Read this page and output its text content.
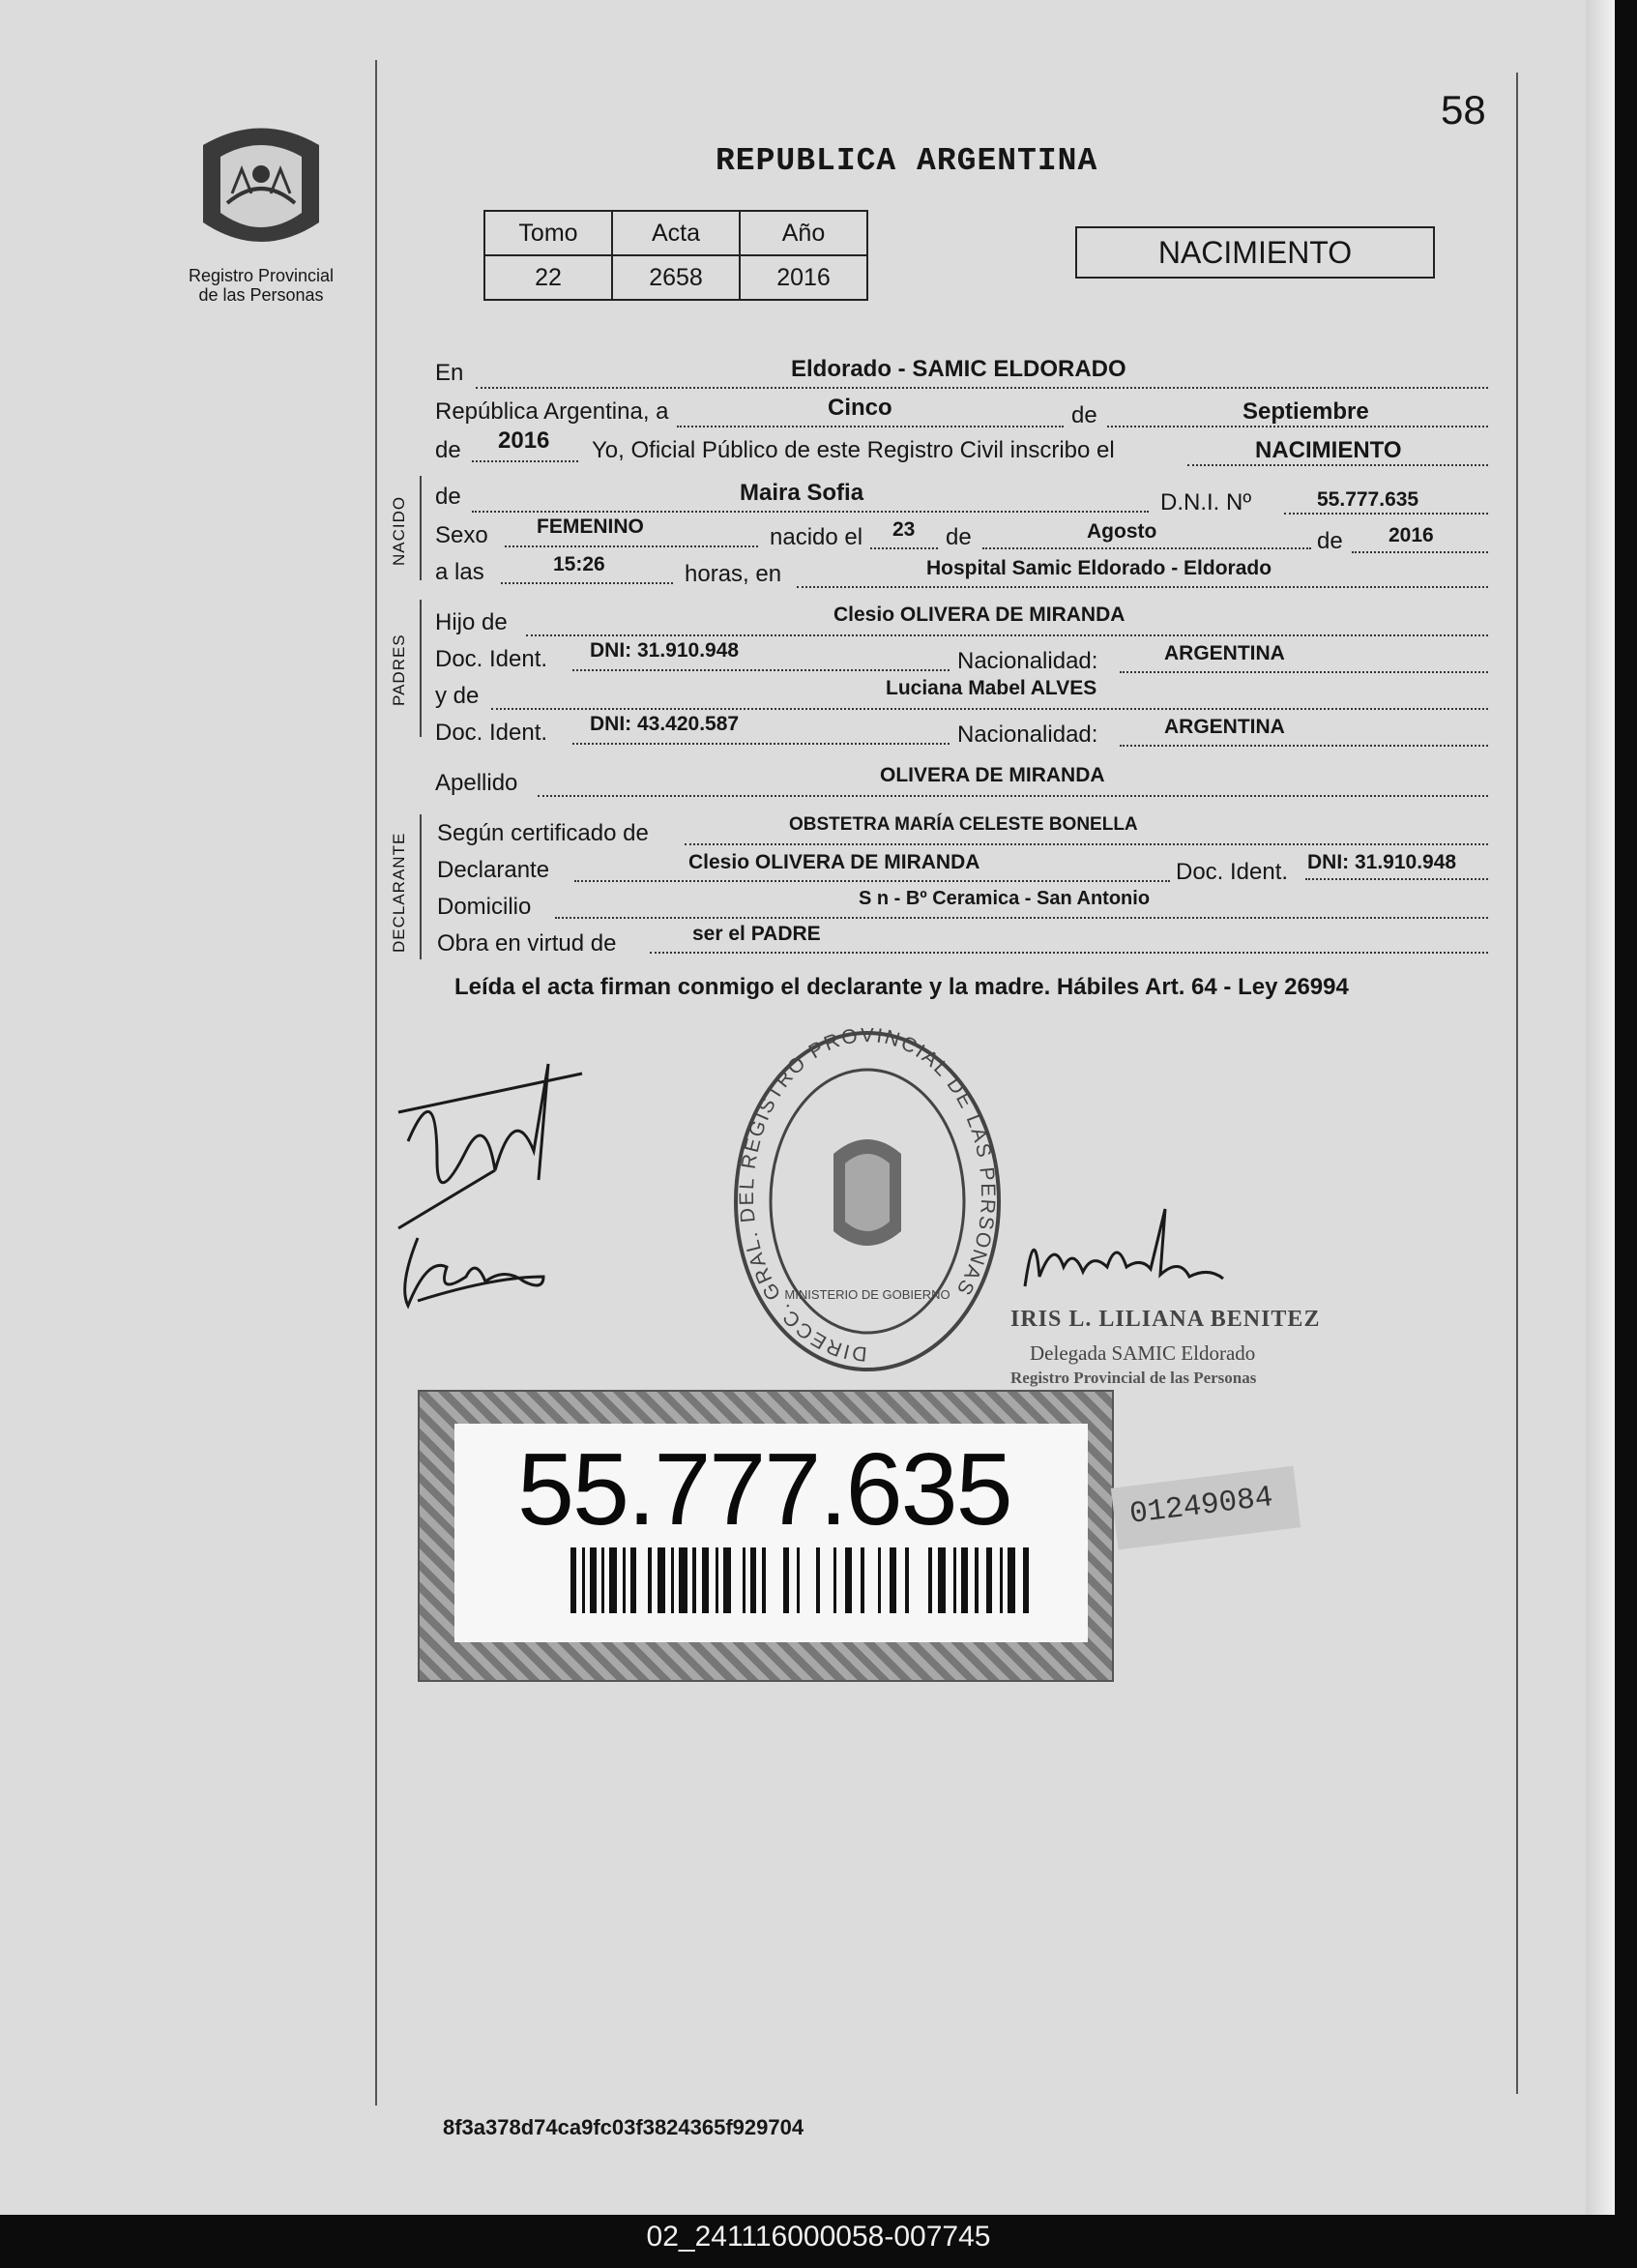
58
Registro Provincial
de las Personas
REPUBLICA ARGENTINA
Tomo	Acta	Año
22	2658	2016
NACIMIENTO
En	Eldorado - SAMIC ELDORADO
República Argentina, a	Cinco	de	Septiembre
de 2016 Yo, Oficial Público de este Registro Civil inscribo el	NACIMIENTO
NACIDO de	Maira Sofia	D.N.I. Nº	55.777.635
Sexo FEMENINO	nacido el 23 de	Agosto	de 2016
a las	15:26	horas, en	Hospital Samic Eldorado - Eldorado
PADRES
Hijo de	Clesio OLIVERA DE MIRANDA
Doc. Ident. DNI: 31.910.948	Nacionalidad:	ARGENTINA
y de	Luciana Mabel ALVES
Doc. Ident. DNI: 43.420.587	Nacionalidad:	ARGENTINA
Apellido	OLIVERA DE MIRANDA
DECLARANTE Según certificado de	OBSTETRA MARÍA CELESTE BONELLA
Declarante	Clesio OLIVERA DE MIRANDA	Doc. Ident. DNI: 31.910.948
Domicilio	S n - Bº Ceramica - San Antonio
Obra en virtud de	ser el PADRE
Leída el acta firman conmigo el declarante y la madre. Hábiles Art. 64 - Ley 26994
DIRECC. GRAL. DEL REGISTRO PROVINCIAL DE LAS PERSONAS
MINISTERIO DE GOBIERNO
IRIS L. LILIANA BENITEZ
Delegada SAMIC Eldorado
Registro Provincial de las Personas
55.777.635	01249084
8f3a378d74ca9fc03f3824365f929704
02_241116000058-007745
